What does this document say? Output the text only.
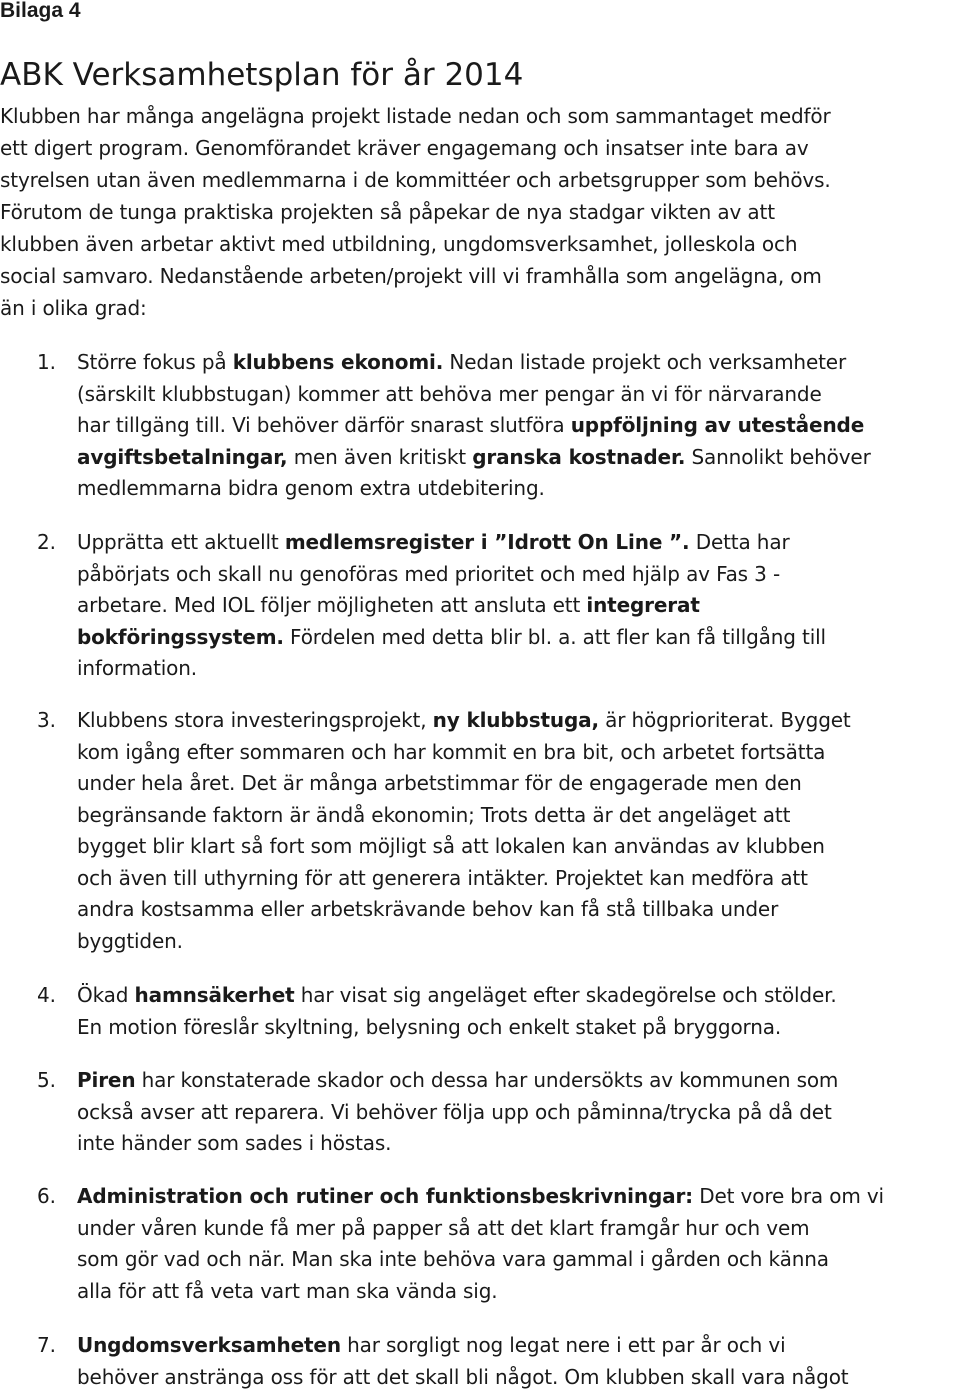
Bilaga 4
ABK Verksamhetsplan för år 2014
Klubben har många angelägna projekt listade nedan och som sammantaget medför
ett digert program. Genomförandet kräver engagemang och insatser inte bara av
styrelsen utan även medlemmarna i de kommittéer och arbetsgrupper som behövs.
Förutom de tunga praktiska projekten så påpekar de nya stadgar vikten av att
klubben även arbetar aktivt med utbildning, ungdomsverksamhet, jolleskola och
social samvaro. Nedanstående arbeten/projekt vill vi framhålla som angelägna, om
än i olika grad:
1. Större fokus på klubbens ekonomi. Nedan listade projekt och verksamheter
(särskilt klubbstugan) kommer att behöva mer pengar än vi för närvarande
har tillgäng till. Vi behöver därför snarast slutföra uppföljning av utestående
avgiftsbetalningar, men även kritiskt granska kostnader. Sannolikt behöver
medlemmarna bidra genom extra utdebitering.
2. Upprätta ett aktuellt medlemsregister i ”Idrott On Line ”. Detta har
påbörjats och skall nu genoföras med prioritet och med hjälp av Fas 3 -
arbetare. Med IOL följer möjligheten att ansluta ett integrerat
bokföringssystem. Fördelen med detta blir bl. a. att fler kan få tillgång till
information.
3. Klubbens stora investeringsprojekt, ny klubbstuga, är högprioriterat. Bygget
kom igång efter sommaren och har kommit en bra bit, och arbetet fortsätta
under hela året. Det är många arbetstimmar för de engagerade men den
begränsande faktorn är ändå ekonomin; Trots detta är det angeläget att
bygget blir klart så fort som möjligt så att lokalen kan användas av klubben
och även till uthyrning för att generera intäkter. Projektet kan medföra att
andra kostsamma eller arbetskrävande behov kan få stå tillbaka under
byggtiden.
4. Ökad hamnsäkerhet har visat sig angeläget efter skadegörelse och stölder.
En motion föreslår skyltning, belysning och enkelt staket på bryggorna.
5. Piren har konstaterade skador och dessa har undersökts av kommunen som
också avser att reparera. Vi behöver följa upp och påminna/trycka på då det
inte händer som sades i höstas.
6. Administration och rutiner och funktionsbeskrivningar: Det vore bra om vi
under våren kunde få mer på papper så att det klart framgår hur och vem
som gör vad och när. Man ska inte behöva vara gammal i gården och känna
alla för att få veta vart man ska vända sig.
7. Ungdomsverksamheten har sorgligt nog legat nere i ett par år och vi
behöver anstränga oss för att det skall bli något. Om klubben skall vara något
